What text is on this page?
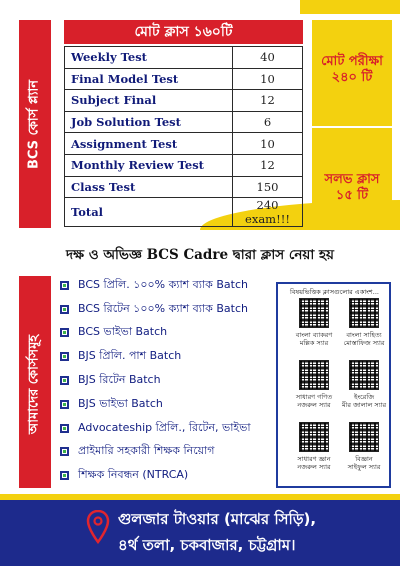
BCS কোর্স প্ল্যান
আমাদের কোর্সসমূহ
মোট ক্লাস ১৬০টি
Weekly Test	40
Final Model Test	10
Subject Final	12
Job Solution Test	6
Assignment Test	10
Monthly Review Test	12
Class Test	150
Total	240 exam!!!
মোট পরীক্ষা
২৪০ টি
সলভ ক্লাস
১৫ টি
দক্ষ ও অভিজ্ঞ BCS Cadre দ্বারা ক্লাস নেয়া হয়
BCS প্রিলি. ১০০% ক্যাশ ব্যাক Batch
BCS রিটেন ১০০% ক্যাশ ব্যাক Batch
BCS ভাইভা Batch
BJS প্রিলি. পাশ Batch
BJS রিটেন Batch
BJS ভাইভা Batch
Advocateship প্রিলি., রিটেন, ভাইভা
প্রাইমারি সহকারী শিক্ষক নিয়োগ
শিক্ষক নিবন্ধন (NTRCA)
বিষয়ভিত্তিক ক্লাসগুলোর একাংশ...
বাংলা ব্যাকরণ
মল্লিক স্যার
বাংলা সাহিত্য
মোস্তাফিজ স্যার
সাধারণ গণিত
নজরুল স্যার
ইংরেজি
মীর জালাল স্যার
সাধারণ জ্ঞান
নজরুল স্যার
বিজ্ঞান
সাইফুল স্যার
গুলজার টাওয়ার (মাঝের সিড়ি),
৪র্থ তলা, চকবাজার, চট্টগ্রাম।
